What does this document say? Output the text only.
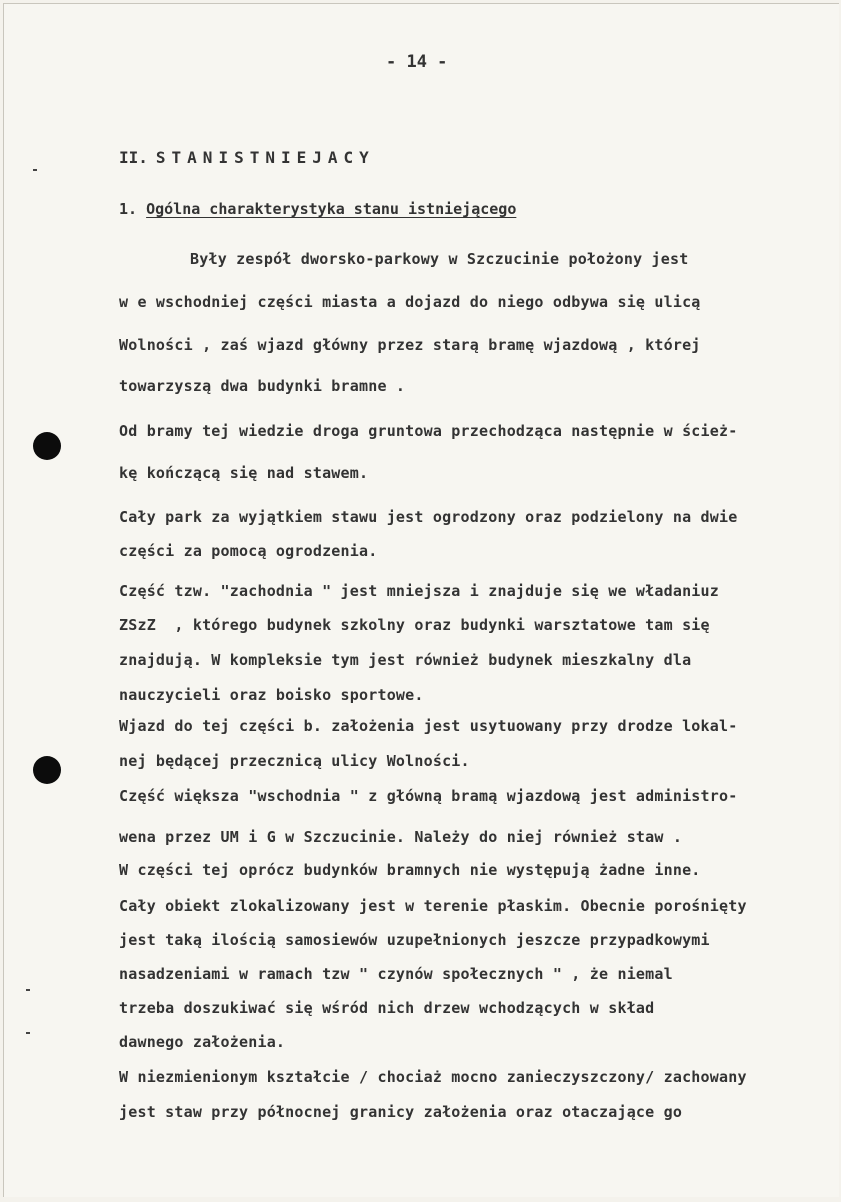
- 14 -
II. STANISTNIEJACY
1. Ogólna charakterystyka stanu istniejącego
Były zespół dworsko-parkowy w Szczucinie położony jest
w e wschodniej części miasta a dojazd do niego odbywa się ulicą
Wolności , zaś wjazd główny przez starą bramę wjazdową , której
towarzyszą dwa budynki bramne .
Od bramy tej wiedzie droga gruntowa przechodząca następnie w ścież-
kę kończącą się nad stawem.
Cały park za wyjątkiem stawu jest ogrodzony oraz podzielony na dwie
części za pomocą ogrodzenia.
Część tzw. "zachodnia " jest mniejsza i znajduje się we władaniuz
ZSzZ  , którego budynek szkolny oraz budynki warsztatowe tam się
znajdują. W kompleksie tym jest również budynek mieszkalny dla
nauczycieli oraz boisko sportowe.
Wjazd do tej części b. założenia jest usytuowany przy drodze lokal-
nej będącej przecznicą ulicy Wolności.
Część większa "wschodnia " z główną bramą wjazdową jest administro-
wena przez UM i G w Szczucinie. Należy do niej również staw .
W części tej oprócz budynków bramnych nie występują żadne inne.
Cały obiekt zlokalizowany jest w terenie płaskim. Obecnie porośnięty
jest taką ilością samosiewów uzupełnionych jeszcze przypadkowymi
nasadzeniami w ramach tzw " czynów społecznych " , że niemal
trzeba doszukiwać się wśród nich drzew wchodzących w skład
dawnego założenia.
W niezmienionym kształcie / chociaż mocno zanieczyszczony/ zachowany
jest staw przy północnej granicy założenia oraz otaczające go
